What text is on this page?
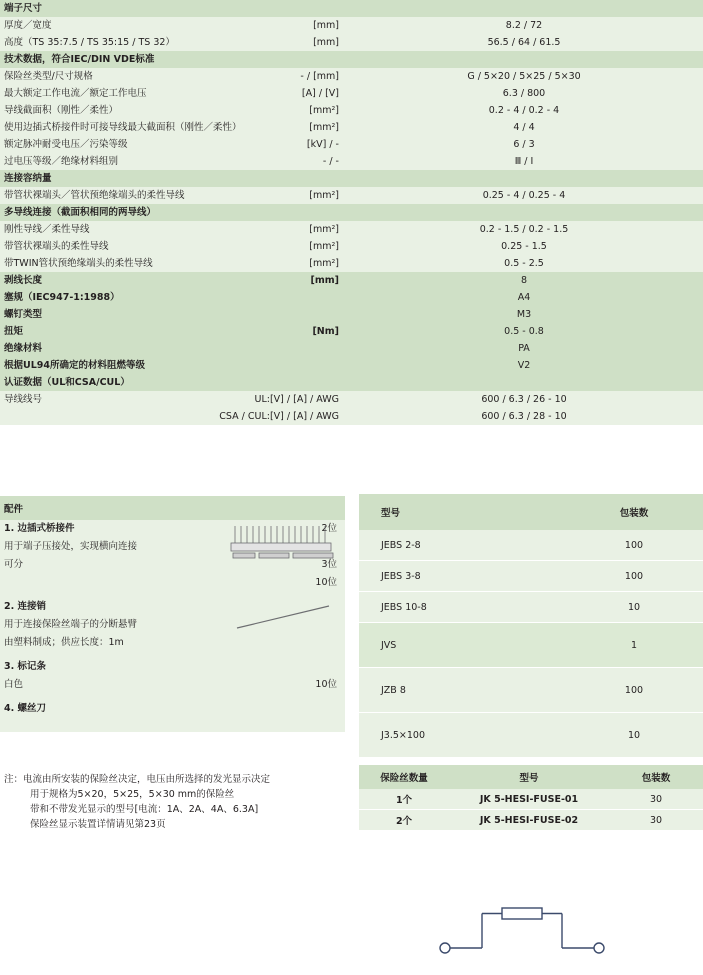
端子尺寸
厚度／宽度	[mm]	8.2 / 72
高度（TS 35:7.5 / TS 35:15 / TS 32）	[mm]	56.5 / 64 / 61.5
技术数据，符合IEC/DIN VDE标准
保险丝类型/尺寸规格	- / [mm]	G / 5×20 / 5×25 / 5×30
最大额定工作电流／额定工作电压	[A] / [V]	6.3 / 800
导线截面积（刚性／柔性）	[mm²]	0.2 - 4 / 0.2 - 4
使用边插式桥接件时可接导线最大截面积（刚性／柔性）	[mm²]	4 / 4
额定脉冲耐受电压／污染等级	[kV] / -	6 / 3
过电压等级／绝缘材料组别	- / -	Ⅲ / Ⅰ
连接容纳量
带管状裸端头／管状预绝缘端头的柔性导线	[mm²]	0.25 - 4 / 0.25 - 4
多导线连接（截面积相同的两导线）
刚性导线／柔性导线	[mm²]	0.2 - 1.5 / 0.2 - 1.5
带管状裸端头的柔性导线	[mm²]	0.25 - 1.5
带TWIN管状预绝缘端头的柔性导线	[mm²]	0.5 - 2.5
剥线长度	[mm]	8
塞规（IEC947-1:1988）	A4
螺钉类型	M3
扭矩	[Nm]	0.5 - 0.8
绝缘材料	PA
根据UL94所确定的材料阻燃等级	V2
认证数据（UL和CSA/CUL）
导线线号	UL:[V] / [A] / AWG	600 / 6.3 / 26 - 10
CSA / CUL:[V] / [A] / AWG	600 / 6.3 / 28 - 10
配件
1. 边插式桥接件	2位
用于端子压接处，实现横向连接
可分	3位
10位
2. 连接销
用于连接保险丝端子的分断悬臂
由塑料制成；供应长度：1m
3. 标记条
白色	10位
4. 螺丝刀
型号	包装数
JEBS 2-8	100
JEBS 3-8	100
JEBS 10-8	10
JVS	1
JZB 8	100
J3.5×100	10
注： 电流由所安装的保险丝决定，电压由所选择的发光显示决定
用于规格为5×20，5×25，5×30 mm的保险丝
带和不带发光显示的型号[电流：1A、2A、4A、6.3A]
保险丝显示装置详情请见第23页
保险丝数量	型号	包装数
1个	JK 5-HESI-FUSE-01	30
2个	JK 5-HESI-FUSE-02	30
